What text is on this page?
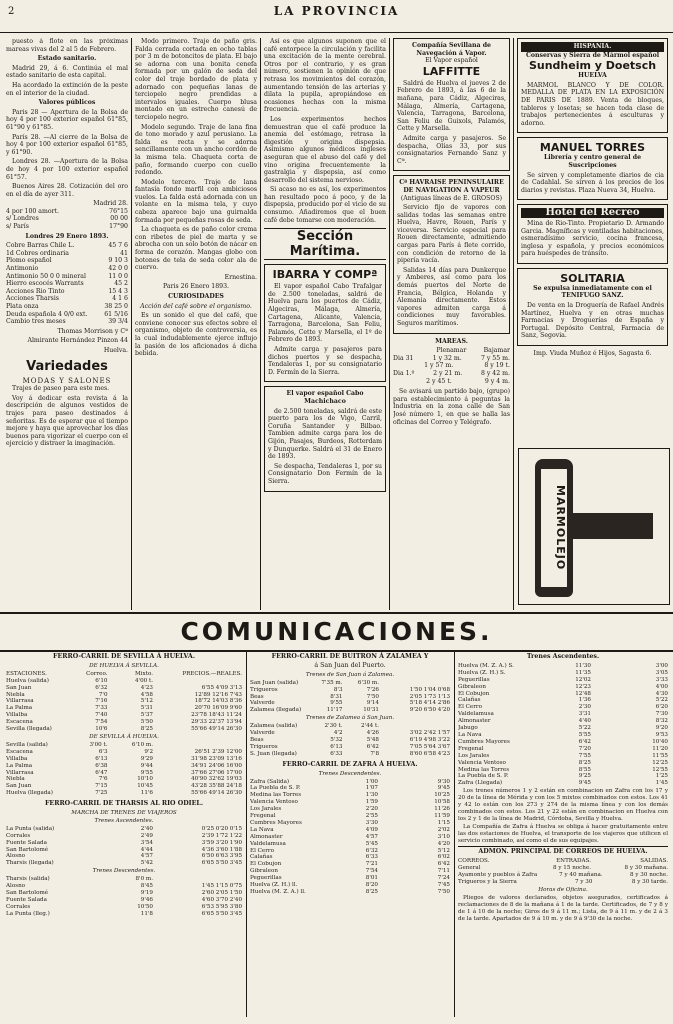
2	LA PROVINCIA

puesto á flote en las próximas mareas vivas del 2 al 5 de Febrero.

Estado sanitario.

Madrid 29, á 6. Continúa el mal estado sanitario de esta capital.

Ha acordado la extinción de la peste en el interior de la ciudad.

Valores públicos

Paris 28 — Apertura de la Bolsa de hoy 4 por 100 exterior español 61°85, 61°90 y 61°85.

París 28. —Al cierre de la Bolsa de hoy 4 por 100 exterior español 61°85, y 61°90.

Londres 28. —Apertura de la Bolsa de hoy 4 por 100 exterior español 61°57.

Buenos Aires 28. Cotización del oro en el día de ayer 311.

Madrid 28.
4 por 100 amort.	76°15
s/ Londres	00 00
s/ París	17°90
Londres 29 Enero 1893.
Cobre Barras Chile L.	45 7 6
1d Cobres ordinaria	41
Plomo español	9 10 3
Antimonio	42 0 0
Antimonio 50 0 0 mineral	11 0 0
Hierro escocés Warrants	45 2
Acciones Rio Tinto	15 4 3
Acciones Tharsis	4 1 6
Plata onza	38 25 0
Deuda española 4 0/0 ext.	61 5/16
Cambio tres meses	39 3/4
Thomas Morrison y Cª
Almirante Hernández Pinzon 44
Huelva.
Variedades
MODAS Y SALONES

Trajes de paseo para este mes.

Voy á dedicar esta revista á la descripción de algunos vestidos de trajes para paseo destinados á señoritas. Es de esperar que el tiempo mejore y haya que aprovechar los días buenos para vigorizar el cuerpo con el ejercicio y distraer la imaginación.

Modo primero. Traje de paño gris. Falda cerrada cortada en ocho tablas por 3 m de botoncitos de plata. El bajo se adorna con una bonita cenefa formada por un galón de seda del color del traje bordado de plata y adornado con pequeñas lanas de terciopelo negro prendidas a intervalos iguales. Cuerpo blusa montado en un estrecho canesú de terciopelo negro.

Modelo segundo. Traje de lana fina de tono morado y azul perusiano. La falda es recta y se adorna sencillamente con un ancho cordón de la misma tela. Chaqueta corta de paño, formando cuerpo con cuello redondo.

Modelo tercero. Traje de lana fantasía fondo marfil con ambiciosos vuelos. La falda está adornada con un volante en la misma tela, y cuyo cabeza aparece bajo una guirnalda formada por pequeñas rosas de seda.

La chaqueta es de paño color crema con ribetes de piel de marta y se abrocha con un solo botón de nácar en forma de corazón. Mangas globo con botones de tela de seda color ala de cuervo.

Ernestina.
Paris 26 Enero 1893.
CURIOSIDADES
Acción del café sobre el organismo.

Es un sonido el que del café, que conviene conocer sus efectos sobre el organismo, objeto de controversia, es la cual indudablemente ejerce influjo la pasión de los aficionados á dicha bebida.

Así es que algunos suponen que el café entorpece la circulación y facilita una excitación de la mente cerebral. Otros por el contrario, y es gran número, sostienen la opinión de que retrasa los movimientos del corazón, aumentando tensión de las arterias y dilata la pupila, apropiándose en ocasiones hechas con la misma frecuencia.

Los experimentos hechos demuestran que el café produce la anemia del estómago, retrasa la digestión y origina dispepsia. Asimismo algunos médicos ingleses aseguran que el abuso del café y del vino origina frecuentemente la gastralgia y dispepsia, así como desarrollo del sistema nervioso.

Si acaso no es así, los experimentos han resultado poco á poco, y de la dispepsia, producido por el vicio de su consumo. Añadiremos que el buen café debe tomarse con moderación.

Sección Marítima.
IBARRA Y COMPª

El vapor español Cabo Trafalgar de 2.500 toneladas, saldrá de Huelva para los puertos de Cádiz, Algeciras, Málaga, Almería, Cartagena, Alicante, Valencia, Tarragona, Barcelona, San Feliu, Palamós, Cette y Marsella, el 1º de Febrero de 1893.

Admite carga y pasajeros para dichos puertos y se despacha, Tendaleras 1, por su consignatario D. Fermín de la Sierra.

El vapor español Cabo Machichaco

de 2.500 toneladas, saldrá de este puerto para los de Vigo, Carril, Coruña Santander y Bilbao. Tambien admite carga para los de Gijón, Pasajes, Burdeos, Rotterdam y Dunquerke. Saldrá el 31 de Enero de 1893.

Se despacha, Tendaleras 1, por su Consignatario Don Fermín de la Sierra.

Compañía Sevillana de Navegación á Vapor.
El Vapor español
LAFFITTE

Saldrá de Huelva el jueves 2 de Febrero de 1893, á las 6 de la mañana, para Cádiz, Algeciras, Málaga, Almería, Cartagena, Valencia, Tarragona, Barcelona, San Feliu de Guixols, Palamós, Cette y Marsella.

Admite carga y pasajeros. Se despacha, Olías 33, por sus consignatarios Fernando Sanz y Cª.

Cª HAVRAISE PENINSULAIRE DE NAVIGATION A VAPEUR
(Antiguas líneas de E. GROSOS)

Servicio fijo de vapores con salidas todas las semanas entre Huelva, Havre, Rouen, París y viceversa. Servicio especial para Rouen directamente, admitiendo cargas para París á flete corrido, con condición de retorno de la pipería vacía.

Salidas 14 días para Dunkerque y Amberes, así como para los demás puertos del Norte de Francia, Bélgica, Holanda y Alemania directamente. Estos vapores admiten carga á condiciones muy favorables. Seguros marítimos.

MAREAS.
Plenamar	Bajamar
Dia 31	1 y 32 m.	7 y 55 m.
1 y 57 m.	8 y 19 t.
Dia 1.º	2 y 21 m.	8 y 42 m.
2 y 45 t.	9 y 4 m.

Se avisará un partido bajo, (grupo) para establecimiento á peguntas la Industria en la zona calle de San José número 1, en que se halla las oficinas del Correo y Telégrafo.

HISPANIA.
Conservas y Sierra de Mármol español
Sundheim y Doetsch
HUELVA

MARMOL BLANCO Y DE COLOR. MEDALLA DE PLATA EN LA EXPOSICIÓN DE PARIS DE 1889. Venta de bloques, tableros y losetas; se hacen toda clase de trabajos pertenecientes á esculturas y adorno.

MANUEL TORRES
Librería y centro general de Suscripciones

Se sirven y completamente diarios de cia de Cadahlal. Se sirven á los precios de los diarios y revistas. Plaza Nueva 34, Huelva.

Hotel del Recreo

Mina de Rio-Tinto. Propietario D. Armando Garcia. Magníficas y ventiladas habitaciones, esmeradísimo servicio, cocina francesa, inglesa y española, y precios económicos para huéspedes de tránsito.

SOLITARIA
Se expulsa inmediatamente con el TENIFUGO SANZ.

De venta en la Droguería de Rafael Andrés Martínez, Huelva y en otras muchas Farmacias y Droguerías de España y Portugal. Depósito Central, Farmacia de Sanz, Segovia.

Imp. Viuda Muñoz é Hijos, Sagasta 6.
MARMOLEJO
COMUNICACIONES.
FERRO-CARRIL DE SEVILLA Á HUELVA.
DE HUELVA Á SEVILLA.
ESTACIONES.	Correo.	Mixto.	PRECIOS.—REALES.
Huelva (salida)	6'10	4'00 t.
San Juan	6'32	4'23	6'55 4'09 3'13
Niebla	7'0	4'58	12'89 12'16 7'43
Villarrasa	7'16	5'12	18'72 14'03 8'36
La Palma	7'33	5'31	20'70 16'09 9'60
Villalba	7'40	5'37	23'78 18'43 11'24
Escacena	7'54	5'50	29'33 22'37 13'94
Sevilla (llegada)	10'6	8'25	55'66 49'14 26'30
DE SEVILLA Á HUELVA.
Sevilla (salida)	3'00 t.	6'10 m.
Escacena	6'3	9'2	26'51 2'39 12'00
Villalba	6'13	9'29	31'98 23'09 13'16
La Palma	6'38	9'44	34'91 24'06 16'00
Villarrasa	6'47	9'55	37'66 27'06 17'00
Niebla	7'6	10'10	40'90 32'62 19'03
San Juan	7'15	10'45	43'28 35'88 24'18
Huelva (llegada)	7'25	11'6	55'66 49'14 26'30
FERRO-CARRIL DE THARSIS AL RIO ODIEL.
MARCHA DE TRENES DE VIAJEROS
Trenes Ascendentes.
La Punta (salida)	2'40	0'25 0'20 0'15
Corrales	2'49	2'39 1'72 1'22
Fuente Salada	3'54	3'59 3'20 1'90
San Bartolomé	4'44	4'36 3'60 1'88
Alosno	4'57	6'50 6'63 3'95
Tharsis (llegada)	5'42	6'65 5'50 3'45
Trenes Descendentes.
Tharsis (salida)	8'0 m.
Alosno	8'45	1'45 1'15 0'75
San Bartolomé	9'19	2'60 2'05 1'50
Fuente Salada	9'46	4'60 3'70 2'40
Corrales	10'50	6'53 5'95 3'80
La Punta (lleg.)	11'8	6'65 5'50 3'45
FERRO-CARRIL DE BUITRON Á ZALAMEA Y
á San Juan del Puerto.
Trenes de San Juan á Zalamea.
San Juan (salida)	7'35 m.	6'30 m.
Trigueros	8'3	7'26	1'50 1'04 0'68
Beas	8'31	7'50	2'05 1'73 1'13
Valverde	9'55	9'14	5'18 4'14 2'86
Zalamea (llegada)	11'17	10'31	9'20 6'50 4'20
Trenes de Zalamea á San Juan.
Zalamea (salida)	2'30 t.	2'44 t.
Valverde	4'2	4'26	3'02 2'42 1'57
Beas	5'32	5'48	6'19 4'98 3'22
Trigueros	6'13	6'42	7'05 5'64 3'67
S. Juan (llegada)	6'33	7'8	8'60 6'58 4'23
FERRO-CARRIL DE ZAFRA Á HUELVA.
Trenes Descendentes.
Zafra (Salida)	1'00	9'30
La Puebla de S. P.	1'07	9'45
Medina las Torres	1'30	10'25
Valencia Ventoso	1'59	10'58
Los Jarales	2'20	11'26
Fregenal	2'55	11'59
Cumbres Mayores	3'30	1'15
La Nava	4'09	2'02
Almonaster	4'57	3'10
Valdelamusa	5'45	4'20
El Cerro	6'32	5'12
Calañas	6'33	6'02
El Cobujon	7'21	6'42
Gibraleon	7'54	7'11
Peguerillas	8'01	7'24
Huelva (Z. H.) ll.	8'20	7'45
Huelva (M. Z. A.) ll.	8'25	7'50
Trenes Ascendentes.
Huelva (M. Z. A.) S.	11'30	3'00
Huelva (Z. H.) S.	11'35	3'05
Peguerillas	12'02	3'33
Gibraleon	12'23	4'00
El Cobujon	12'48	4'30
Calañas	1'36	5'22
El Cerro	2'30	6'20
Valdelamusa	3'31	7'30
Almonaster	4'40	8'32
Jabugo	5'22	9'20
La Nava	5'55	9'53
Cumbres Mayores	6'42	10'40
Fregenal	7'20	11'20
Los Jarales	7'55	11'55
Valencia Ventoso	8'25	12'25
Medina las Torres	8'55	12'55
La Puebla de S. P.	9'25	1'25
Zafra (Llegada)	9'45	1'45

Los trenes números 1 y 2 están en combinacion en Zafra con los 17 y 20 de la línea de Mérida y con los 5 mixtos combinados con estos. Los 41 y 42 lo están con los 273 y 274 de la misma línea y con los demás combinados con estos. Los 21 y 22 están en combinacion en Huelva con los 2 y 1 de la línea de Madrid, Córdoba, Sevilla y Huelva.

La Compañía de Zafra á Huelva se obliga á hacer gratuitamente entre las dos estaciones de Huelva, el transporte de los viajeros que utilicen el servicio combinado, así como el de sus equipajes.

ADMON. PRINCIPAL DE CORREOS DE HUELVA.
CORREOS.	ENTRADAS.	SALIDAS.
General	8 y 15 noche.	8 y 30 mañana.
Ayamonte y pueblos á Zafra	7 y 40 mañana.	8 y 30 noche.
Trigueros y la Sierra	7 y 30	8 y 30 tarde.
Horas de Oficina.

Pliegos de valores declarados, objetos asegurados, certificados á reclamaciones de 8 de la mañana á 1 de la tarde. Certificados, de 7 y 8 y de 1 á 10 de la noche; Giros de 9 á 11 m.; Lista, de 9 á 11 m. y de 2 á 3 de la tarde. Apartados de 9 á 10 m. y de 9 á 9'30 de la noche.
